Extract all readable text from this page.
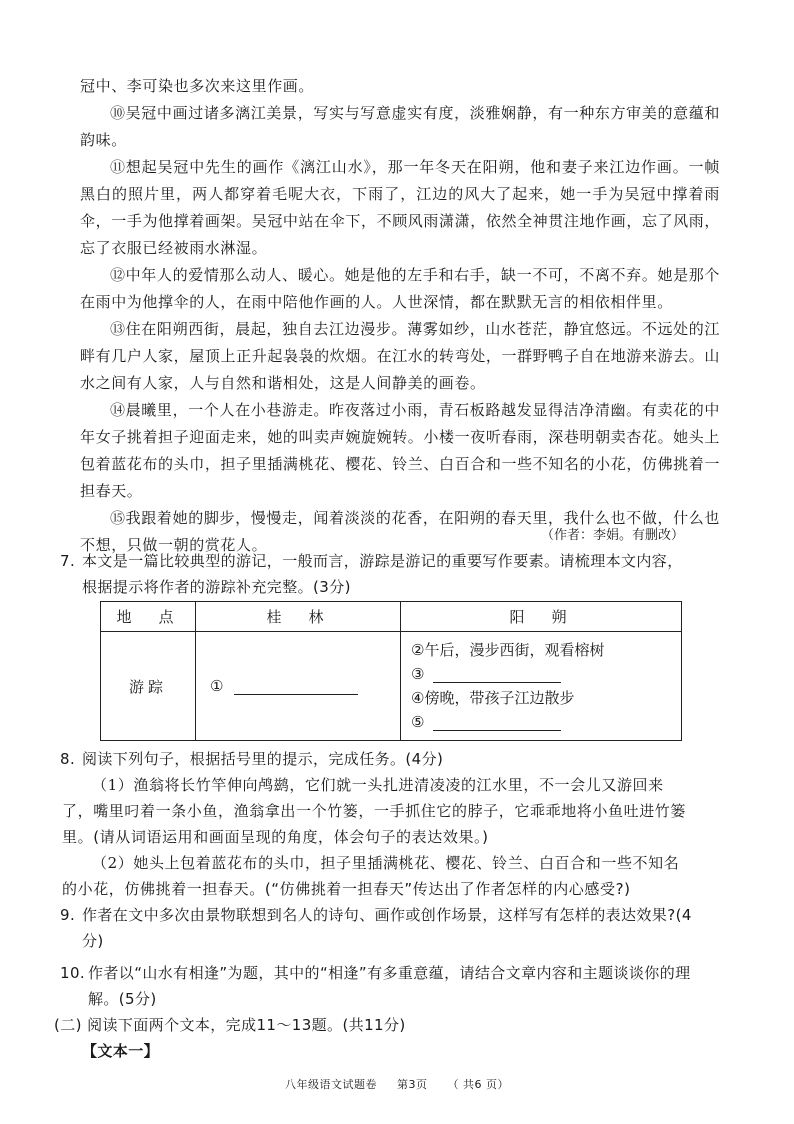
冠中、李可染也多次来这里作画。

⑩吴冠中画过诸多漓江美景，写实与写意虚实有度，淡雅娴静，有一种东方审美的意蕴和韵味。

⑪想起吴冠中先生的画作《漓江山水》，那一年冬天在阳朔，他和妻子来江边作画。一帧黑白的照片里，两人都穿着毛呢大衣，下雨了，江边的风大了起来，她一手为吴冠中撑着雨伞，一手为他撑着画架。吴冠中站在伞下，不顾风雨潇潇，依然全神贯注地作画，忘了风雨，忘了衣服已经被雨水淋湿。

⑫中年人的爱情那么动人、暖心。她是他的左手和右手，缺一不可，不离不弃。她是那个在雨中为他撑伞的人，在雨中陪他作画的人。人世深情，都在默默无言的相依相伴里。

⑬住在阳朔西街，晨起，独自去江边漫步。薄雾如纱，山水苍茫，静宜悠远。不远处的江畔有几户人家，屋顶上正升起袅袅的炊烟。在江水的转弯处，一群野鸭子自在地游来游去。山水之间有人家，人与自然和谐相处，这是人间静美的画卷。

⑭晨曦里，一个人在小巷游走。昨夜落过小雨，青石板路越发显得洁净清幽。有卖花的中年女子挑着担子迎面走来，她的叫卖声婉旋婉转。小楼一夜听春雨，深巷明朝卖杏花。她头上包着蓝花布的头巾，担子里插满桃花、樱花、铃兰、白百合和一些不知名的小花，仿佛挑着一担春天。

⑮我跟着她的脚步，慢慢走，闻着淡淡的花香，在阳朔的春天里，我什么也不做，什么也不想，只做一朝的赏花人。

（作者：李娟。有删改）
7. 本文是一篇比较典型的游记，一般而言，游踪是游记的重要写作要素。请梳理本文内容，根据提示将作者的游踪补充完整。(3分)
地　点	桂　林	阳　朔
游踪	①	②午后，漫步西街，观看榕树
③
④傍晚，带孩子江边散步
⑤
8. 阅读下列句子，根据括号里的提示，完成任务。(4分)
（1）渔翁将长竹竿伸向鸬鹚，它们就一头扎进清凌凌的江水里，不一会儿又游回来了，嘴里叼着一条小鱼，渔翁拿出一个竹篓，一手抓住它的脖子，它乖乖地将小鱼吐进竹篓里。(请从词语运用和画面呈现的角度，体会句子的表达效果。)
（2）她头上包着蓝花布的头巾，担子里插满桃花、樱花、铃兰、白百合和一些不知名的小花，仿佛挑着一担春天。(“仿佛挑着一担春天”传达出了作者怎样的内心感受?)
9. 作者在文中多次由景物联想到名人的诗句、画作或创作场景，这样写有怎样的表达效果?(4分)
10. 作者以“山水有相逢”为题，其中的“相逢”有多重意蕴，请结合文章内容和主题谈谈你的理解。(5分)
(二) 阅读下面两个文本，完成11～13题。(共11分)
【文本一】
八年级语文试题卷 第3页 （ 共6 页）
